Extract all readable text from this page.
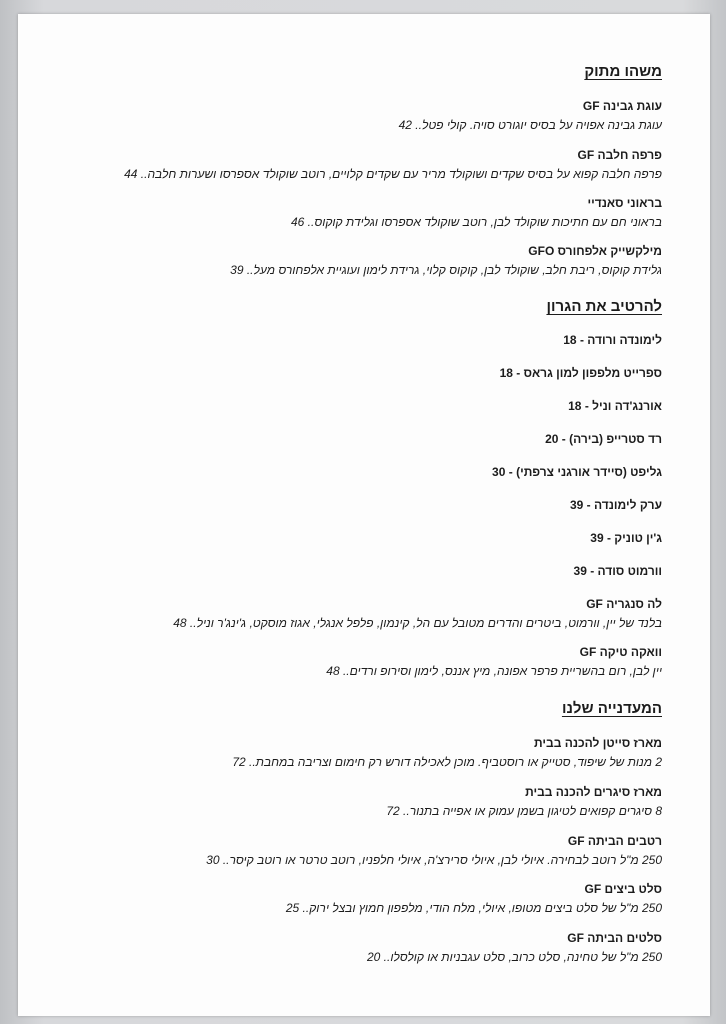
משהו מתוק
עוגת גבינה GF
עוגת גבינה אפויה על בסיס יוגורט סויה. קולי פטל.. 42
פרפה חלבה GF
פרפה חלבה קפוא על בסיס שקדים ושוקולד מריר עם שקדים קלויים, רוטב שוקולד אספרסו ושערות חלבה.. 44
בראוני סאנדיי
בראוני חם עם חתיכות שוקולד לבן, רוטב שוקולד אספרסו וגלידת קוקוס.. 46
מילקשייק אלפחורס GFO
גלידת קוקוס, ריבת חלב, שוקולד לבן, קוקוס קלוי, גרידת לימון ועוגיית אלפחורס מעל.. 39
להרטיב את הגרון
לימונדה ורודה - 18
ספרייט מלפפון למון גראס - 18
אורנג'דה וניל - 18
רד סטרייפ (בירה) - 20
גליפט (סיידר אורגני צרפתי) - 30
ערק לימונדה - 39
ג'ין טוניק - 39
וורמוט סודה - 39
לה סנגריה GF
בלנד של יין, וורמוט, ביטרים והדרים מטובל עם הל, קינמון, פלפל אנגלי, אגוז מוסקט, ג'ינג'ר וניל.. 48
וואקה טיקה GF
יין לבן, רום בהשריית פרפר אפונה, מיץ אננס, לימון וסירופ ורדים.. 48
המעדנייה שלנו
מארז סייטן להכנה בבית
2 מנות של שיפוד, סטייק או רוסטביף. מוכן לאכילה דורש רק חימום וצריבה במחבת.. 72
מארז סיגרים להכנה בבית
8 סיגרים קפואים לטיגון בשמן עמוק או אפייה בתנור.. 72
רטבים הביתה GF
250 מ"ל רוטב לבחירה. איולי לבן, איולי סרירצ'ה, איולי חלפניו, רוטב טרטר או רוטב קיסר.. 30
סלט ביצים GF
250 מ"ל של סלט ביצים מטופו, איולי, מלח הודי, מלפפון חמוץ ובצל ירוק.. 25
סלטים הביתה GF
250 מ"ל של טחינה, סלט כרוב, סלט עגבניות או קולסלו.. 20
